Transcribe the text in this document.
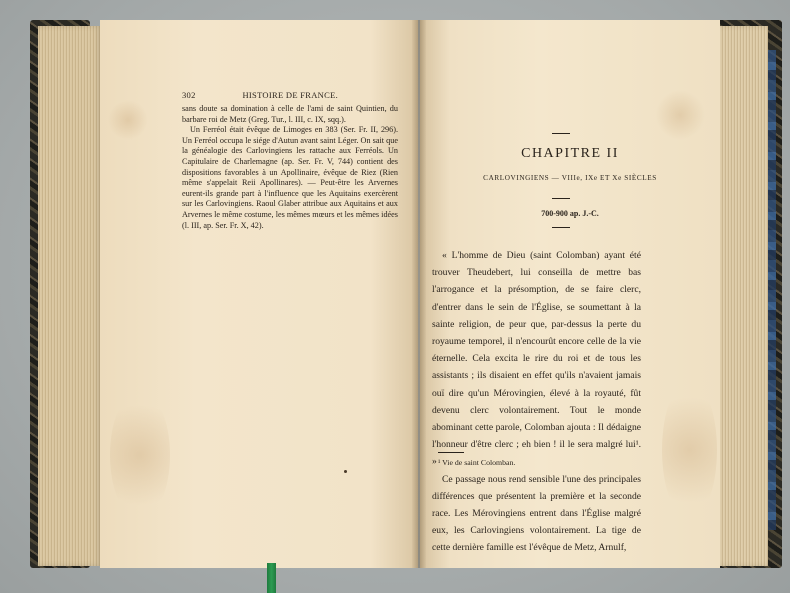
302	HISTOIRE DE FRANCE.

sans doute sa domination à celle de l'ami de saint Quintien, du barbare roi de Metz (Greg. Tur., l. III, c. IX, sqq.).

Un Ferréol était évêque de Limoges en 383 (Ser. Fr. II, 296). Un Ferréol occupa le siége d'Autun avant saint Léger. On sait que la généalogie des Carlovingiens les rattache aux Ferréols. Un Capitulaire de Charlemagne (ap. Ser. Fr. V, 744) contient des dispositions favorables à un Apollinaire, évêque de Riez (Rien même s'appelait Reii Apollinares). — Peut-être les Arvernes eurent-ils grande part à l'influence que les Aquitains exercèrent sur les Carlovingiens. Raoul Glaber attribue aux Aquitains et aux Arvernes le même costume, les mêmes mœurs et les mêmes idées (l. III, ap. Ser. Fr. X, 42).

CHAPITRE II
CARLOVINGIENS — VIIIe, IXe ET Xe SIÈCLES
700-900 ap. J.-C.

« L'homme de Dieu (saint Colomban) ayant été trouver Theudebert, lui conseilla de mettre bas l'arrogance et la présomption, de se faire clerc, d'entrer dans le sein de l'Église, se soumettant à la sainte religion, de peur que, par-dessus la perte du royaume temporel, il n'encourût encore celle de la vie éternelle. Cela excita le rire du roi et de tous les assistants ; ils disaient en effet qu'ils n'avaient jamais ouï dire qu'un Mérovingien, élevé à la royauté, fût devenu clerc volontairement. Tout le monde abominant cette parole, Colomban ajouta : Il dédaigne l'honneur d'être clerc ; eh bien ! il le sera malgré lui¹. »

Ce passage nous rend sensible l'une des principales différences que présentent la première et la seconde race. Les Mérovingiens entrent dans l'Église malgré eux, les Carlovingiens volontairement. La tige de cette dernière famille est l'évêque de Metz, Arnulf,

¹ Vie de saint Colomban.
